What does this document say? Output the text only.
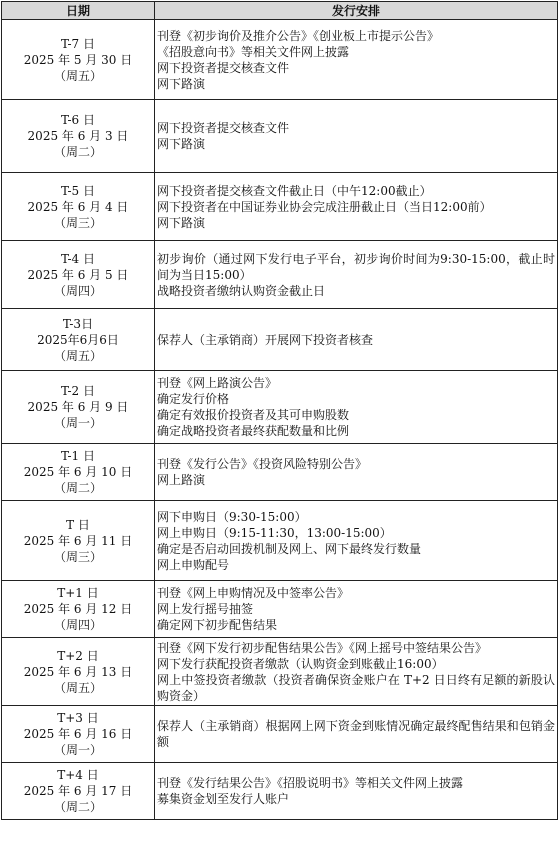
日期	发行安排

T-7 日
2025 年 5 月 30 日
（周五）	刊登《初步询价及推介公告》《创业板上市提示公告》
《招股意向书》等相关文件网上披露
网下投资者提交核查文件
网下路演

T-6 日
2025 年 6 月 3 日
（周二）	网下投资者提交核查文件
网下路演

T-5 日
2025 年 6 月 4 日
（周三）	网下投资者提交核查文件截止日（中午12:00截止）
网下投资者在中国证券业协会完成注册截止日（当日12:00前）
网下路演

T-4 日
2025 年 6 月 5 日
（周四）	初步询价（通过网下发行电子平台，初步询价时间为9:30-15:00，截止时间为当日15:00）
战略投资者缴纳认购资金截止日

T-3日
2025年6月6日
（周五）	保荐人（主承销商）开展网下投资者核查

T-2 日
2025 年 6 月 9 日
（周一）	刊登《网上路演公告》
确定发行价格
确定有效报价投资者及其可申购股数
确定战略投资者最终获配数量和比例

T-1 日
2025 年 6 月 10 日
（周二）	刊登《发行公告》《投资风险特别公告》
网上路演

T 日
2025 年 6 月 11 日
（周三）	网下申购日（9:30-15:00）
网上申购日（9:15-11:30，13:00-15:00）
确定是否启动回拨机制及网上、网下最终发行数量
网上申购配号

T+1 日
2025 年 6 月 12 日
（周四）	刊登《网上申购情况及中签率公告》
网上发行摇号抽签
确定网下初步配售结果

T+2 日
2025 年 6 月 13 日
（周五）	刊登《网下发行初步配售结果公告》《网上摇号中签结果公告》
网下发行获配投资者缴款（认购资金到账截止16:00）
网上中签投资者缴款（投资者确保资金账户在 T+2 日日终有足额的新股认购资金）

T+3 日
2025 年 6 月 16 日
（周一）	保荐人（主承销商）根据网上网下资金到账情况确定最终配售结果和包销金额

T+4 日
2025 年 6 月 17 日
（周二）	刊登《发行结果公告》《招股说明书》等相关文件网上披露
募集资金划至发行人账户
